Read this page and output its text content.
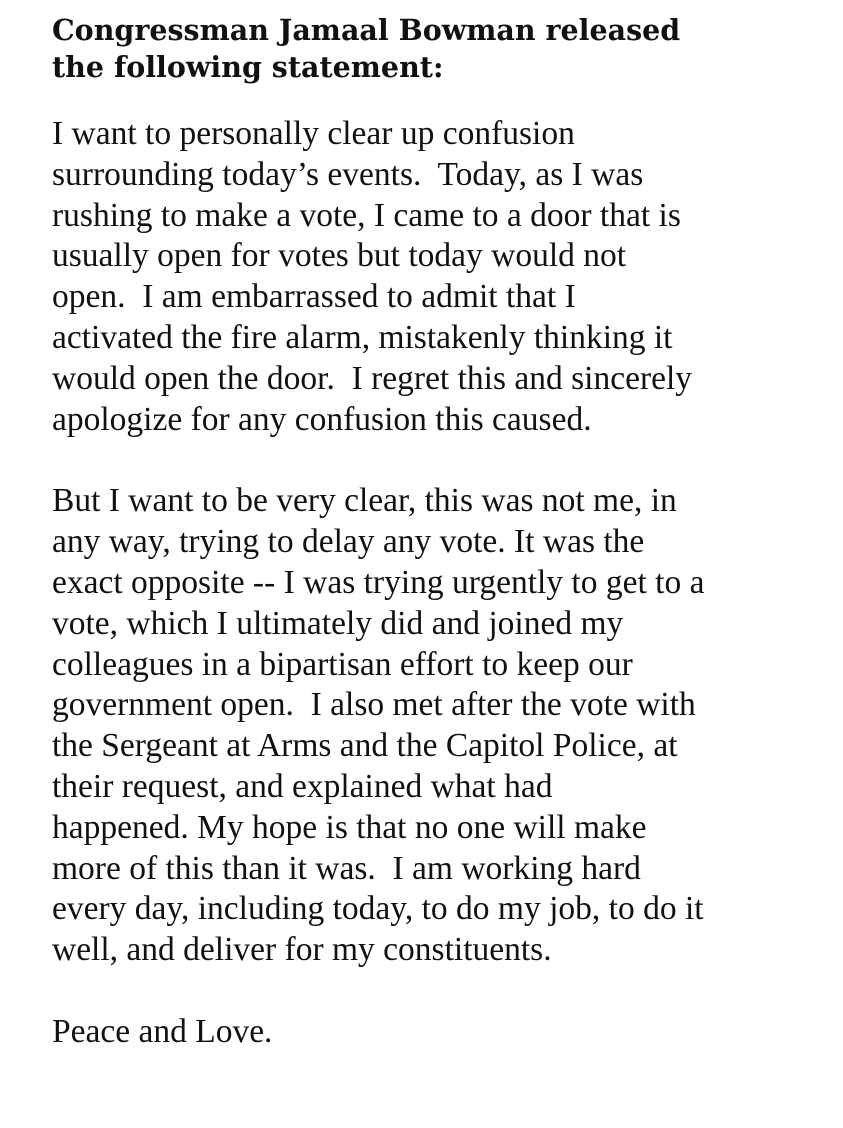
Congressman Jamaal Bowman released
the following statement:

I want to personally clear up confusion
surrounding today’s events.  Today, as I was
rushing to make a vote, I came to a door that is
usually open for votes but today would not
open.  I am embarrassed to admit that I
activated the fire alarm, mistakenly thinking it
would open the door.  I regret this and sincerely
apologize for any confusion this caused.

But I want to be very clear, this was not me, in
any way, trying to delay any vote. It was the
exact opposite -- I was trying urgently to get to a
vote, which I ultimately did and joined my
colleagues in a bipartisan effort to keep our
government open.  I also met after the vote with
the Sergeant at Arms and the Capitol Police, at
their request, and explained what had
happened. My hope is that no one will make
more of this than it was.  I am working hard
every day, including today, to do my job, to do it
well, and deliver for my constituents.

Peace and Love.
